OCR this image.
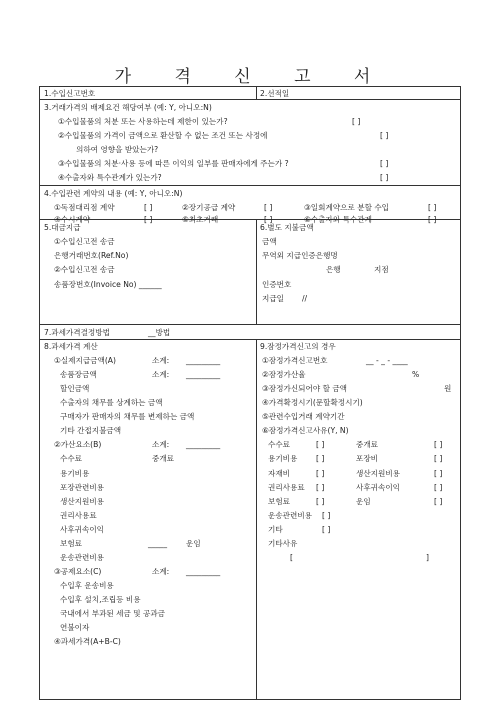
가 격 신 고 서
1.수입신고번호	2.선적일
3.거래가격의 배제요건 해당여부 (예: Y, 아니오:N)
①수입물품의 처분 또는 사용하는데 제한이 있는가?	[ ]
②수입물품의 가격이 금액으로 환산할 수 없는 조건 또는 사정에	[ ]
의하여 영향을 받았는가?
③수입물품의 처분·사용 등에 따른 이익의 일부를 판매자에게 주는가 ?	[ ]
④수출자와 특수관계가 있는가?	[ ]
4.수입관련 계약의 내용 (예: Y, 아니오:N)
①독점대리점 계약	[ ]	②장기공급 계약	[ ]	③일회계약으로 분할 수입	[ ]
④수시계약	[ ]	⑤최초거래	[ ]	⑥수출자와 특수관계	[ ]
5.대금지급
①수입신고전 송금
은행거래번호(Ref.No)
②수입신고전 송금
송품장번호(Invoice No) ______
6.별도 지불금액
금액
무역외 지급인증은행명
은행	지점
인증번호
지급일 //
7.과세가격결정방법	__방법
8.과세가격 계산
①실제지급금액(A)	소계: _________
송품장금액	소계: _________
할인금액
수출자의 채무를 상계하는 금액
구매자가 판매자의 채무를 변제하는 금액
기타 간접지불금액
②가산요소(B)	소계: _________
수수료	중개료
용기비용
포장관련비용
생산지원비용
권리사용료
사후귀속이익
보험료	_____	운임
운송관련비용
③공제요소(C)	소계: _________
수입후 운송비용
수입후 설치,조립등 비용
국내에서 부과된 세금 및 공과금
연불이자
④과세가격(A+B-C)
9.잠정가격신고의 경우
①잠정가격신고번호	__ - _ - ____
②잠정가산율	%
③잠정가신되어야 할 금액	원
④가격확정시기(문할확정시기)
⑤관련수입거래 계약기간
⑥잠정가격신고사유(Y, N)
수수료	[ ]	중개료	[ ]
용기비용 [ ]	포장비	[ ]
자재비	[ ]	생산지원비용	[ ]
권리사용료 [ ]	사후귀속이익	[ ]
보험료	[ ]	운임	[ ]
운송관련비용 [ ]
기타	[ ]
기타사유
[	]
